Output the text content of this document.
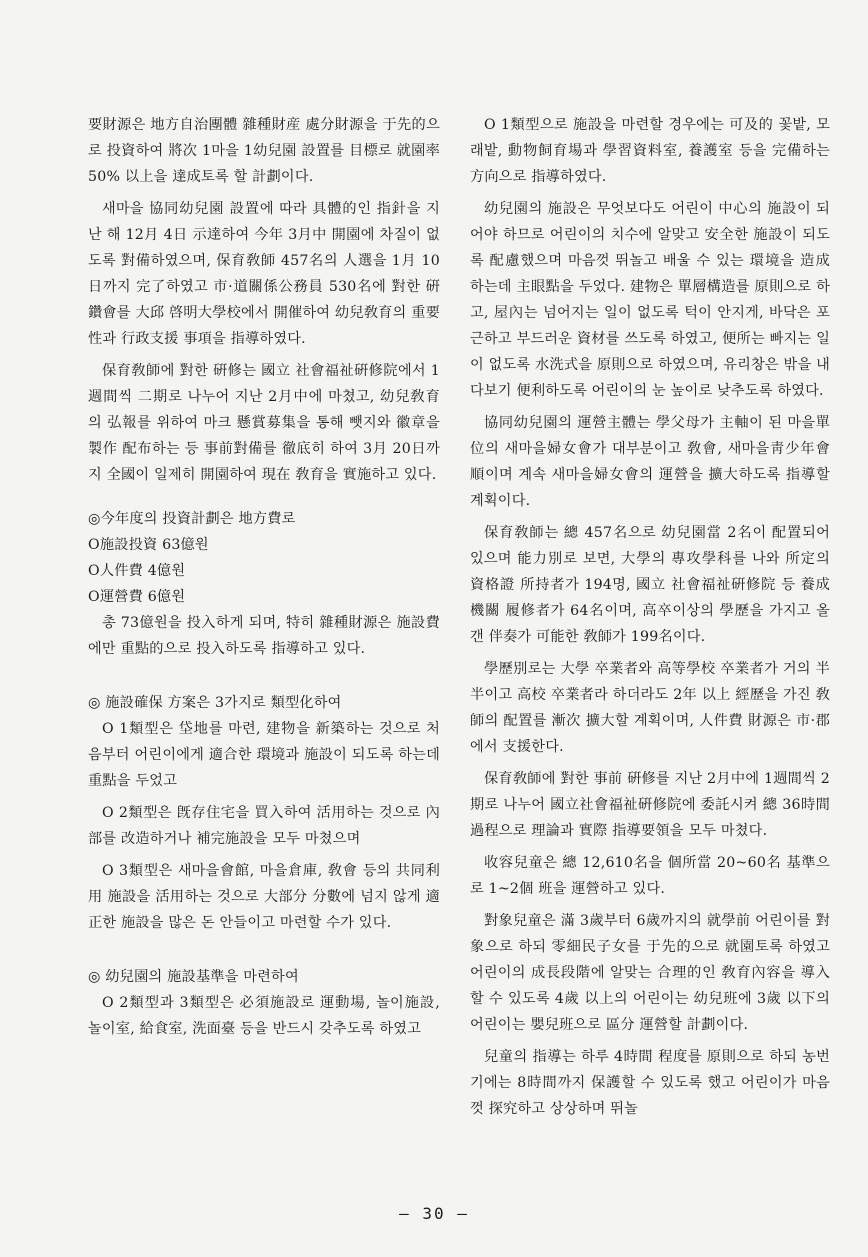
要財源은 地方自治團體 雜種財産 處分財源을 于先的으로 投資하여 將次 1마을 1幼兒園 設置를 目標로 就園率 50% 以上을 達成토록 할 計劃이다.

새마을 協同幼兒園 設置에 따라 具體的인 指針을 지난 해 12月 4日 示達하여 今年 3月中 開園에 차질이 없도록 對備하였으며, 保育敎師 457名의 人選을 1月 10日까지 完了하였고 市·道關係公務員 530名에 對한 硏鑽會를 大邱 啓明大學校에서 開催하여 幼兒敎育의 重要性과 行政支援 事項을 指導하였다.

保育敎師에 對한 硏修는 國立 社會福祉硏修院에서 1週間씩 二期로 나누어 지난 2月中에 마쳤고, 幼兒敎育의 弘報를 위하여 마크 懸賞募集을 통해 뺏지와 徽章을 製作 配布하는 등 事前對備를 徹底히 하여 3月 20日까지 全國이 일제히 開園하여 現在 敎育을 實施하고 있다.

◎今年度의 投資計劃은 地方費로

O施設投資 63億원

O人件費 4億원

O運營費 6億원

총 73億원을 投入하게 되며, 特히 雜種財源은 施設費에만 重點的으로 投入하도록 指導하고 있다.

◎ 施設確保 方案은 3가지로 類型化하여

O 1類型은 垈地를 마련, 建物을 新築하는 것으로 처음부터 어린이에게 適合한 環境과 施設이 되도록 하는데 重點을 두었고

O 2類型은 旣存住宅을 買入하여 活用하는 것으로 內部를 改造하거나 補完施設을 모두 마쳤으며

O 3類型은 새마을會館, 마을倉庫, 敎會 등의 共同利用 施設을 活用하는 것으로 大部分 分數에 넘지 않게 適正한 施設을 많은 돈 안들이고 마련할 수가 있다.

◎ 幼兒園의 施設基準을 마련하여

O 2類型과 3類型은 必須施設로 運動場, 놀이施設, 놀이室, 給食室, 洗面臺 등을 반드시 갖추도록 하였고

O 1類型으로 施設을 마련할 경우에는 可及的 꽃밭, 모래밭, 動物飼育場과 學習資料室, 養護室 등을 完備하는 方向으로 指導하였다.

幼兒園의 施設은 무엇보다도 어린이 中心의 施設이 되어야 하므로 어린이의 치수에 알맞고 安全한 施設이 되도록 配慮했으며 마음껏 뛰놀고 배울 수 있는 環境을 造成하는데 主眼點을 두었다. 建物은 單層構造를 原則으로 하고, 屋內는 넘어지는 일이 없도록 턱이 안지게, 바닥은 포근하고 부드러운 資材를 쓰도록 하였고, 便所는 빠지는 일이 없도록 水洗式을 原則으로 하였으며, 유리창은 밖을 내다보기 便利하도록 어린이의 눈 높이로 낮추도록 하였다.

協同幼兒園의 運營主體는 學父母가 主軸이 된 마을單位의 새마을婦女會가 대부분이고 敎會, 새마을靑少年會 順이며 계속 새마을婦女會의 運營을 擴大하도록 指導할 계획이다.

保育敎師는 總 457名으로 幼兒園當 2名이 配置되어 있으며 能力別로 보면, 大學의 專攻學科를 나와 所定의 資格證 所持者가 194명, 國立 社會福祉硏修院 등 養成機關 履修者가 64名이며, 高卒이상의 學歷을 가지고 올갠 伴奏가 可能한 敎師가 199名이다.

學歷別로는 大學 卒業者와 高等學校 卒業者가 거의 半半이고 高校 卒業者라 하더라도 2年 以上 經歷을 가진 敎師의 配置를 漸次 擴大할 계획이며, 人件費 財源은 市·郡에서 支援한다.

保育敎師에 對한 事前 硏修를 지난 2月中에 1週間씩 2期로 나누어 國立社會福祉硏修院에 委託시켜 總 36時間 過程으로 理論과 實際 指導要領을 모두 마쳤다.

收容兒童은 總 12,610名을 個所當 20~60名 基準으로 1~2個 班을 運營하고 있다.

對象兒童은 滿 3歲부터 6歲까지의 就學前 어린이를 對象으로 하되 零細民子女를 于先的으로 就園토록 하였고 어린이의 成長段階에 알맞는 合理的인 敎育內容을 導入할 수 있도록 4歲 以上의 어린이는 幼兒班에 3歲 以下의 어린이는 嬰兒班으로 區分 運營할 計劃이다.

兒童의 指導는 하루 4時間 程度를 原則으로 하되 농번기에는 8時間까지 保護할 수 있도록 했고 어린이가 마음껏 探究하고 상상하며 뛰놀

— 30 —
